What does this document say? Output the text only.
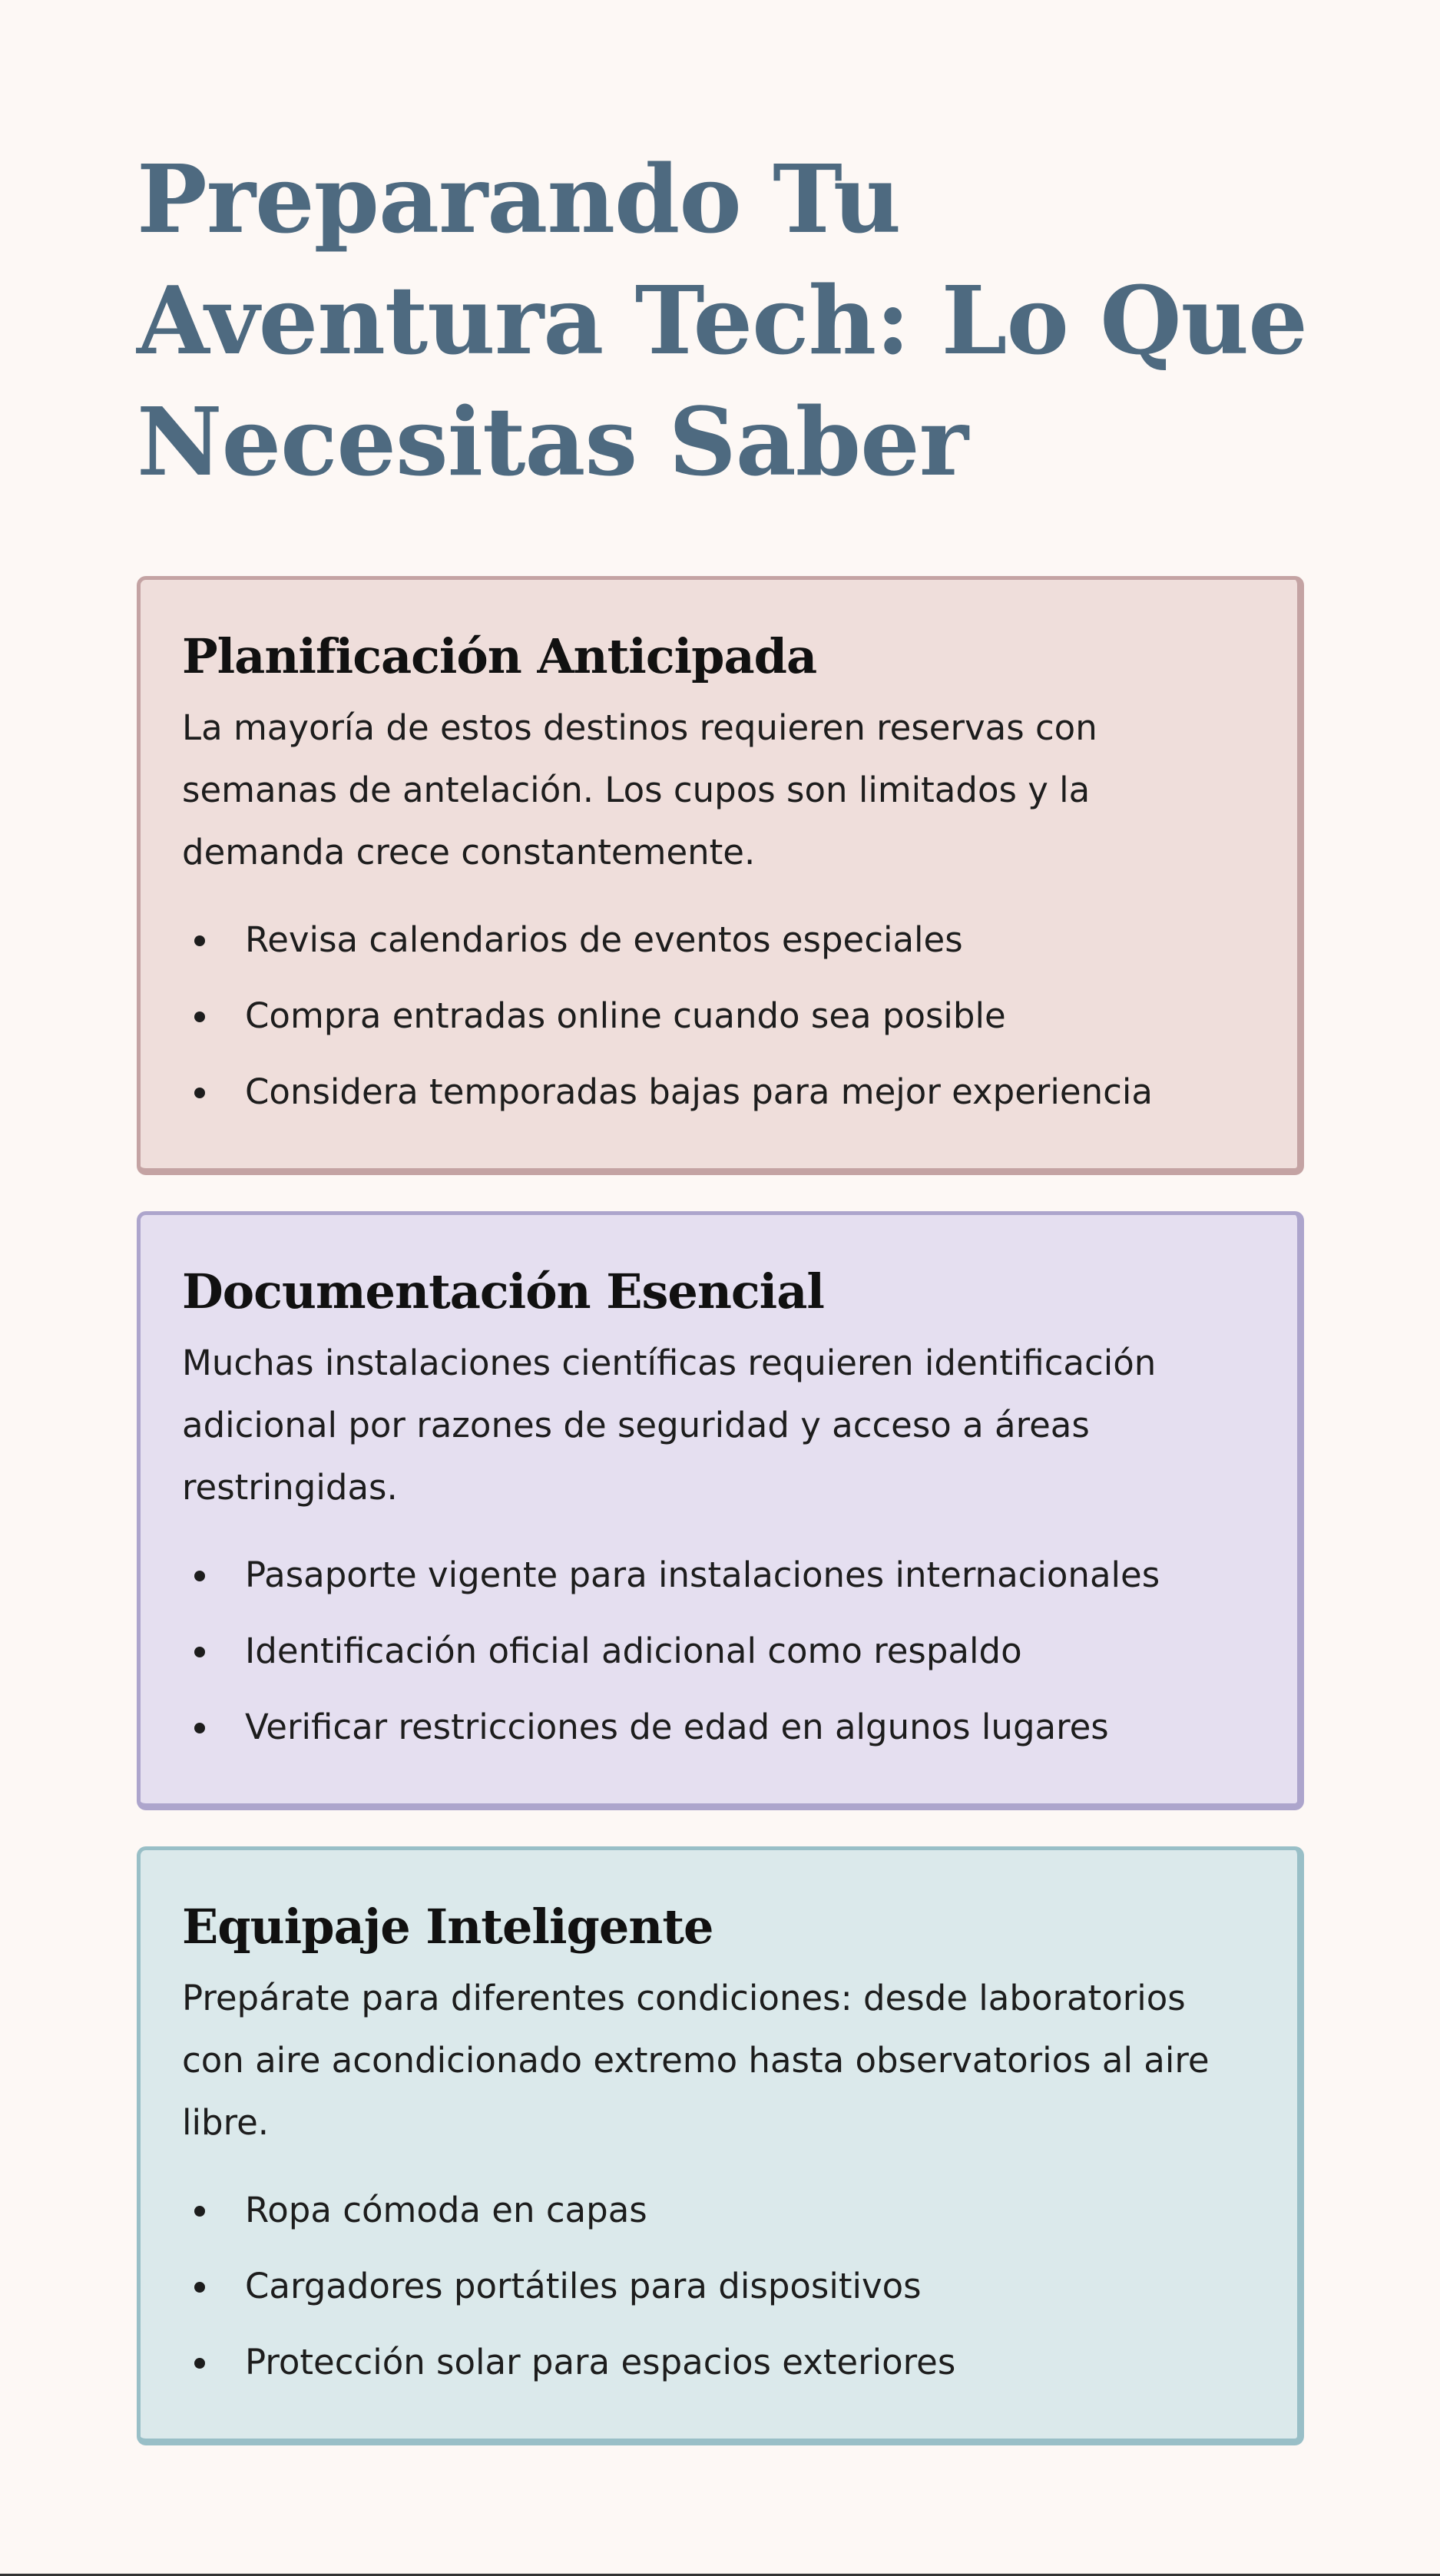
Preparando Tu Aventura Tech: Lo Que Necesitas Saber
Planificación Anticipada

La mayoría de estos destinos requieren reservas con semanas de antelación. Los cupos son limitados y la demanda crece constantemente.

Revisa calendarios de eventos especiales
Compra entradas online cuando sea posible
Considera temporadas bajas para mejor experiencia
Documentación Esencial

Muchas instalaciones científicas requieren identificación adicional por razones de seguridad y acceso a áreas restringidas.

Pasaporte vigente para instalaciones internacionales
Identificación oficial adicional como respaldo
Verificar restricciones de edad en algunos lugares
Equipaje Inteligente

Prepárate para diferentes condiciones: desde laboratorios con aire acondicionado extremo hasta observatorios al aire libre.

Ropa cómoda en capas
Cargadores portátiles para dispositivos
Protección solar para espacios exteriores
